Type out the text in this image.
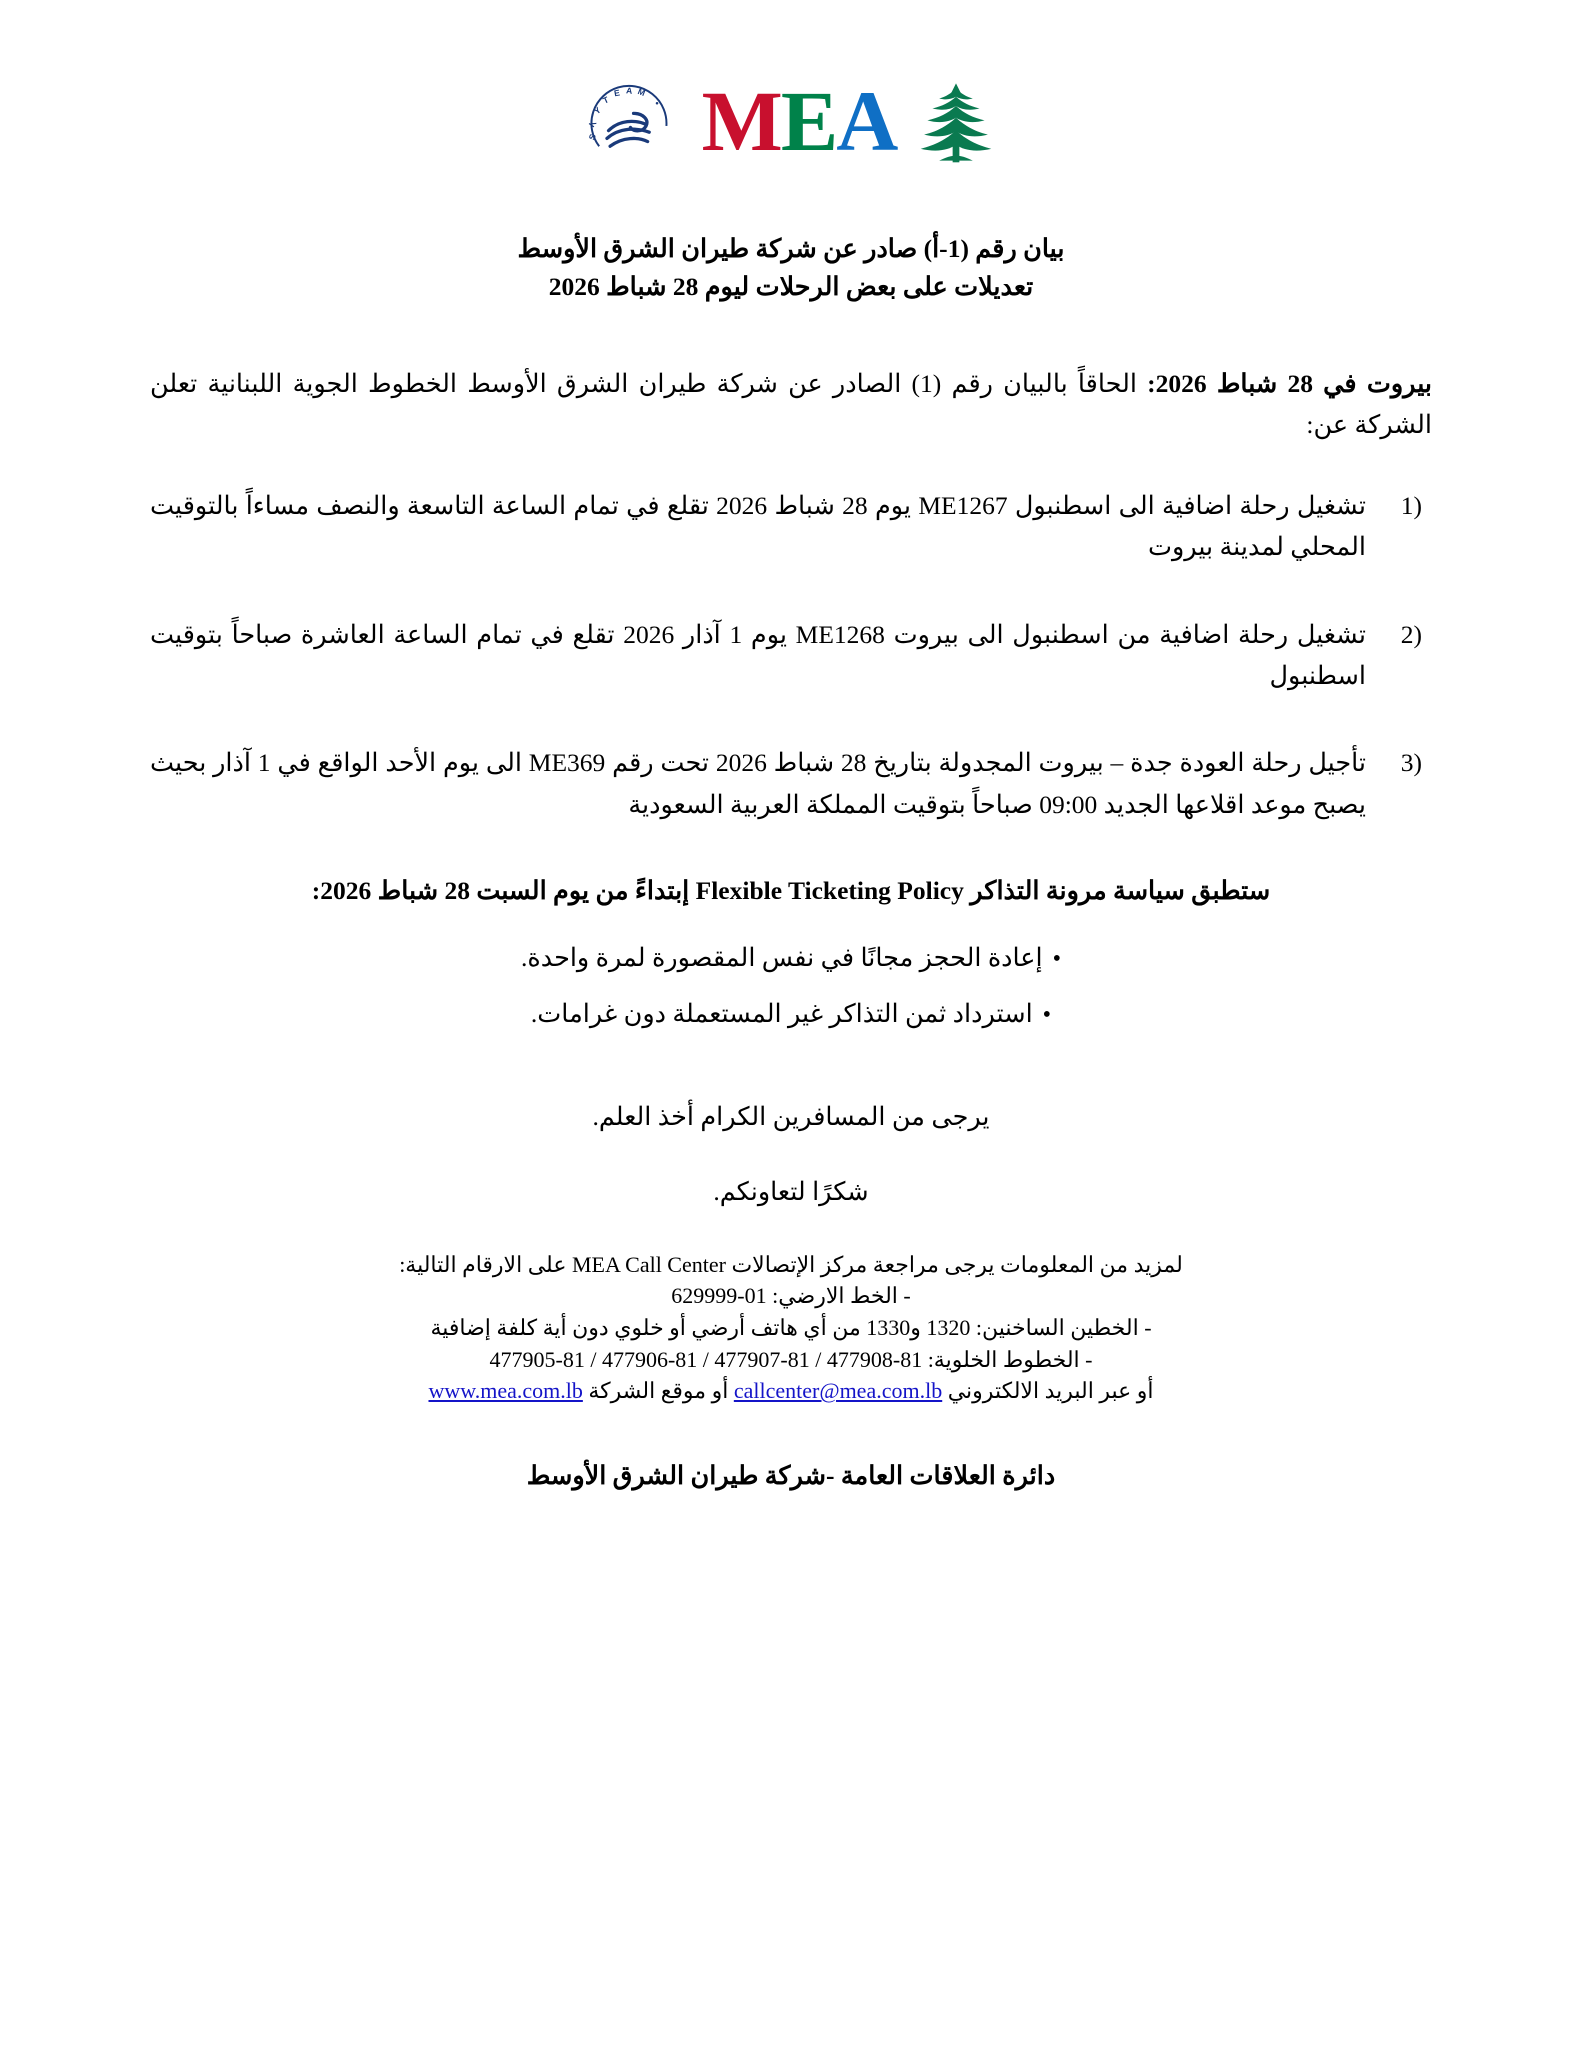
M E A
S
K
Y
T
E A M
بيان رقم (1-أ) صادر عن شركة طيران الشرق الأوسط
تعديلات على بعض الرحلات ليوم 28 شباط 2026

بيروت في 28 شباط 2026: الحاقاً بالبيان رقم (1) الصادر عن شركة طيران الشرق الأوسط الخطوط الجوية اللبنانية تعلن الشركة عن:

1)
تشغيل رحلة اضافية الى اسطنبول ME1267 يوم 28 شباط 2026 تقلع في تمام الساعة التاسعة والنصف مساءاً بالتوقيت المحلي لمدينة بيروت
2)
تشغيل رحلة اضافية من اسطنبول الى بيروت ME1268 يوم 1 آذار 2026 تقلع في تمام الساعة العاشرة صباحاً بتوقيت اسطنبول
3)
تأجيل رحلة العودة جدة – بيروت المجدولة بتاريخ 28 شباط 2026 تحت رقم ME369 الى يوم الأحد الواقع في 1 آذار بحيث يصبح موعد اقلاعها الجديد 09:00 صباحاً بتوقيت المملكة العربية السعودية

ستطبق سياسة مرونة التذاكر Flexible Ticketing Policy إبتداءً من يوم السبت 28 شباط 2026:

• إعادة الحجز مجانًا في نفس المقصورة لمرة واحدة.
• استرداد ثمن التذاكر غير المستعملة دون غرامات.

يرجى من المسافرين الكرام أخذ العلم.

شكرًا لتعاونكم.

لمزيد من المعلومات يرجى مراجعة مركز الإتصالات MEA Call Center على الارقام التالية:
- الخط الارضي: 01-629999
- الخطين الساخنين: 1320 و1330 من أي هاتف أرضي أو خلوي دون أية كلفة إضافية
- الخطوط الخلوية: 81-477908 / 81-477907 / 81-477906 / 81-477905
أو عبر البريد الالكتروني callcenter@mea.com.lb أو موقع الشركة www.mea.com.lb

دائرة العلاقات العامة -شركة طيران الشرق الأوسط
